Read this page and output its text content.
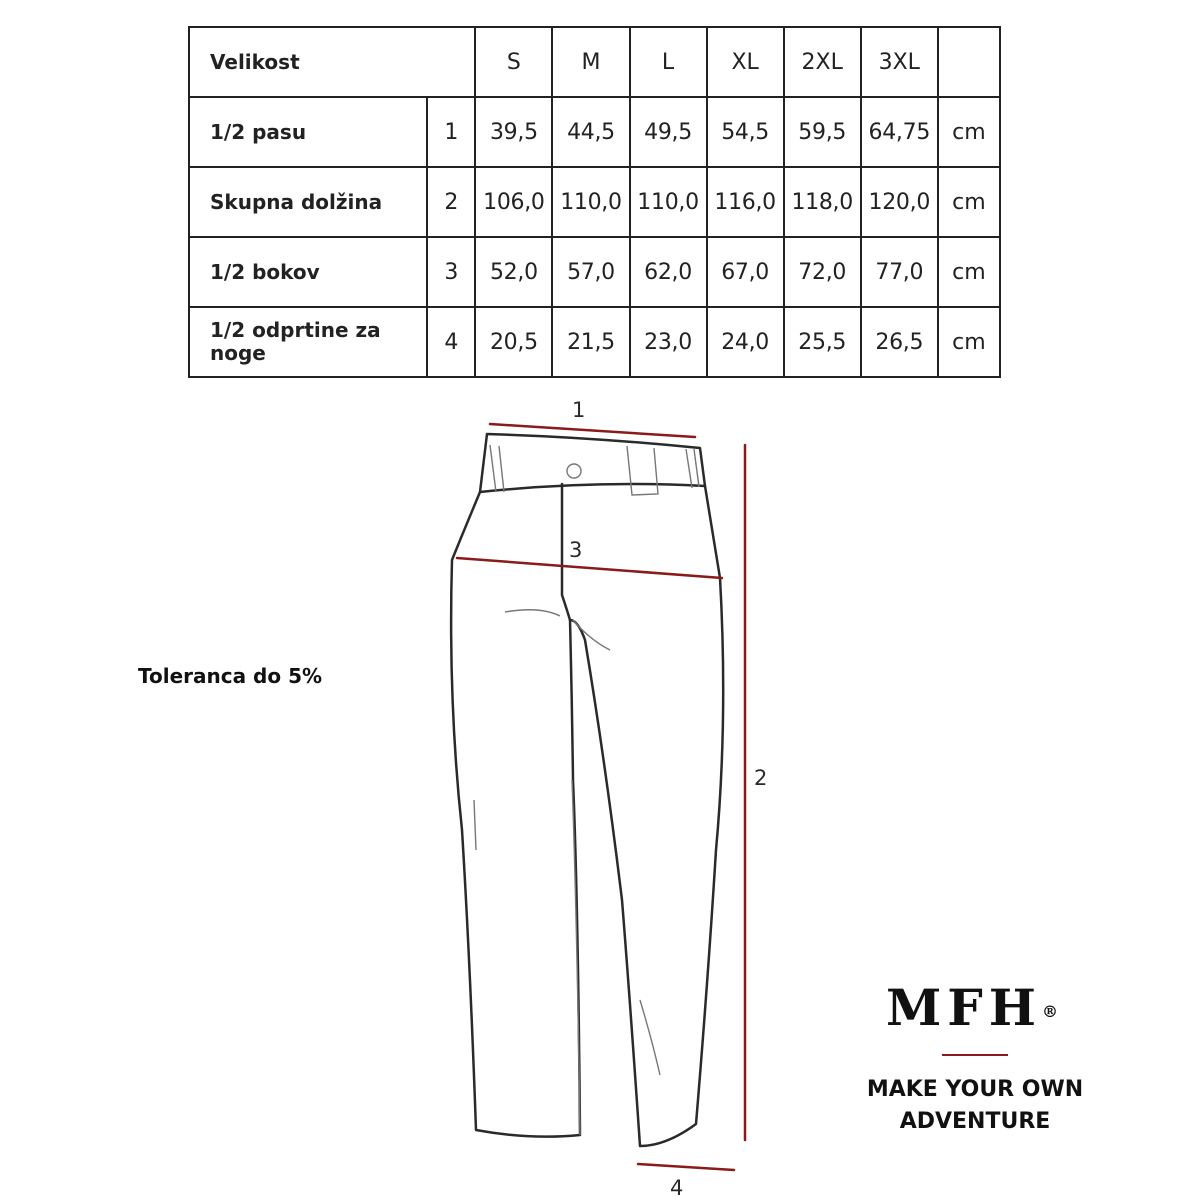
Velikost		S	M	L	XL	2XL	3XL	
1/2 pasu	1	39,5	44,5	49,5	54,5	59,5	64,75	cm
Skupna dolžina	2	106,0	110,0	110,0	116,0	118,0	120,0	cm
1/2 bokov	3	52,0	57,0	62,0	67,0	72,0	77,0	cm
1/2 odprtine za noge	4	20,5	21,5	23,0	24,0	25,5	26,5	cm
Toleranca do 5%
1
2
3
4
MFH®
MAKE YOUR OWN
ADVENTURE
